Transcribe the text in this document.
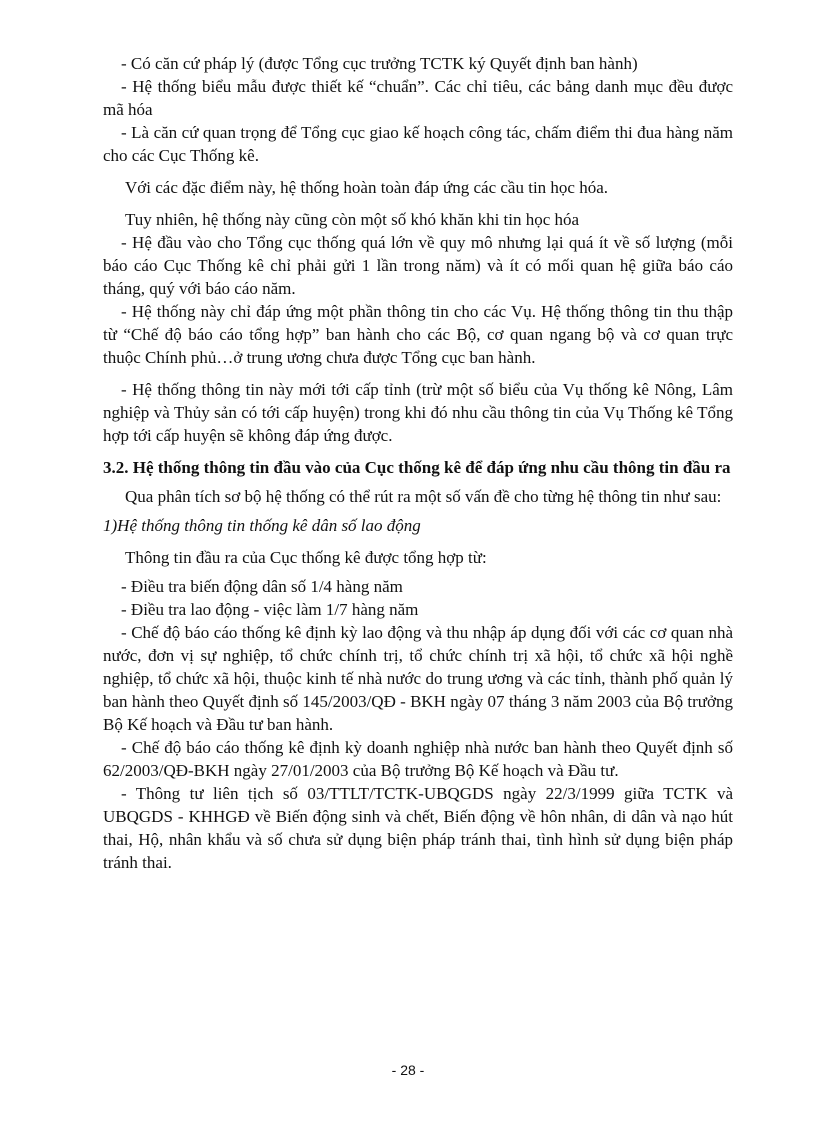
- Có căn cứ pháp lý (được Tổng cục trưởng TCTK ký Quyết định ban hành)

- Hệ thống biểu mẫu được thiết kế “chuẩn”. Các chỉ tiêu, các bảng danh mục đều được mã hóa

- Là căn cứ quan trọng để Tổng cục giao kế hoạch công tác, chấm điểm thi đua hàng năm cho các Cục Thống kê.

Với các đặc điểm này, hệ thống hoàn toàn đáp ứng các cầu tin học hóa.

Tuy nhiên, hệ thống này cũng còn một số khó khăn khi tin học hóa

- Hệ đầu vào cho Tổng cục thống quá lớn về quy mô nhưng lại quá ít về số lượng (mỗi báo cáo Cục Thống kê chỉ phải gửi 1 lần trong năm) và ít có mối quan hệ giữa báo cáo tháng, quý với báo cáo năm.

- Hệ thống này chỉ đáp ứng một phần thông tin cho các Vụ. Hệ thống thông tin thu thập từ “Chế độ báo cáo tổng hợp” ban hành cho các Bộ, cơ quan ngang bộ và cơ quan trực thuộc Chính phủ…ở trung ương chưa được Tổng cục ban hành.

- Hệ thống thông tin này mới tới cấp tỉnh (trừ một số biểu của Vụ thống kê Nông, Lâm nghiệp và Thủy sản có tới cấp huyện) trong khi đó nhu cầu thông tin của Vụ Thống kê Tổng hợp tới cấp huyện sẽ không đáp ứng được.

3.2. Hệ thống thông tin đầu vào của Cục thống kê để đáp ứng nhu cầu thông tin đầu ra

Qua phân tích sơ bộ hệ thống có thể rút ra một số vấn đề cho từng hệ thông tin như sau:

1)Hệ thống thông tin thống kê dân số lao động

Thông tin đầu ra của Cục thống kê được tổng hợp từ:

- Điều tra biến động dân số 1/4 hàng năm

- Điều tra lao động - việc làm 1/7 hàng năm

- Chế độ báo cáo thống kê định kỳ lao động và thu nhập áp dụng đối với các cơ quan nhà nước, đơn vị sự nghiệp, tổ chức chính trị, tổ chức chính trị xã hội, tổ chức xã hội nghề nghiệp, tổ chức xã hội, thuộc kinh tế nhà nước do trung ương và các tỉnh, thành phố quản lý ban hành theo Quyết định số 145/2003/QĐ - BKH ngày 07 tháng 3 năm 2003 của Bộ trưởng Bộ Kế hoạch và Đầu tư ban hành.

- Chế độ báo cáo thống kê định kỳ doanh nghiệp nhà nước ban hành theo Quyết định số 62/2003/QĐ-BKH ngày 27/01/2003 của Bộ trưởng Bộ Kế hoạch và Đầu tư.

- Thông tư liên tịch số 03/TTLT/TCTK-UBQGDS ngày 22/3/1999 giữa TCTK và UBQGDS - KHHGĐ về Biến động sinh và chết, Biến động về hôn nhân, di dân và nạo hút thai, Hộ, nhân khẩu và số chưa sử dụng biện pháp tránh thai, tình hình sử dụng biện pháp tránh thai.

- 28 -
